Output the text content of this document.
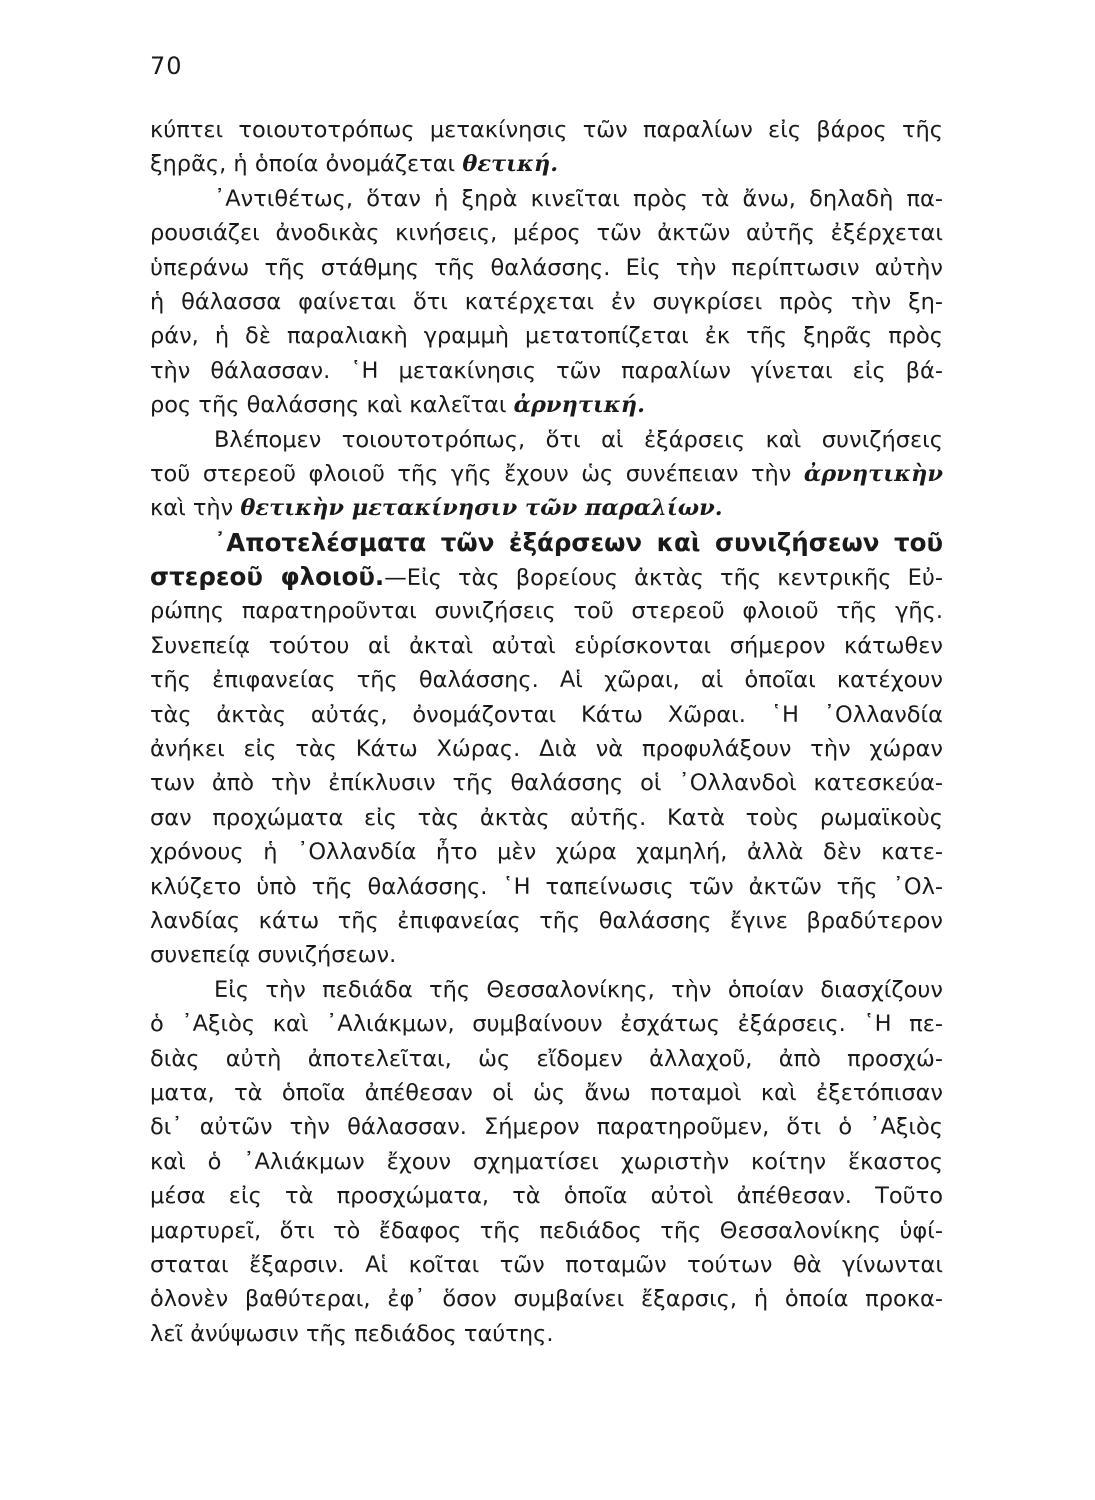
70
κύπτει τοιουτοτρόπως μετακίνησις τῶν παραλίων εἰς βάρος τῆς
ξηρᾶς, ἡ ὁποία ὀνομάζεται θετική.
᾿Αντιθέτως, ὅταν ἡ ξηρὰ κινεῖται πρὸς τὰ ἄνω, δηλαδὴ πα-
ρουσιάζει ἀνοδικὰς κινήσεις, μέρος τῶν ἀκτῶν αὐτῆς ἐξέρχεται
ὑπεράνω τῆς στάθμης τῆς θαλάσσης. Εἰς τὴν περίπτωσιν αὐτὴν
ἡ θάλασσα φαίνεται ὅτι κατέρχεται ἐν συγκρίσει πρὸς τὴν ξη-
ράν, ἡ δὲ παραλιακὴ γραμμὴ μετατοπίζεται ἐκ τῆς ξηρᾶς πρὸς
τὴν θάλασσαν. ῾Η μετακίνησις τῶν παραλίων γίνεται εἰς βά-
ρος τῆς θαλάσσης καὶ καλεῖται ἀρνητική.
Βλέπομεν τοιουτοτρόπως, ὅτι αἱ ἐξάρσεις καὶ συνιζήσεις
τοῦ στερεοῦ φλοιοῦ τῆς γῆς ἔχουν ὡς συνέπειαν τὴν ἀρνητικὴν
καὶ τὴν θετικὴν μετακίνησιν τῶν παραλίων.
᾿Αποτελέσματα τῶν ἐξάρσεων καὶ συνιζήσεων τοῦ
στερεοῦ φλοιοῦ.—Εἰς τὰς βορείους ἀκτὰς τῆς κεντρικῆς Εὐ-
ρώπης παρατηροῦνται συνιζήσεις τοῦ στερεοῦ φλοιοῦ τῆς γῆς.
Συνεπείᾳ τούτου αἱ ἀκταὶ αὐταὶ εὑρίσκονται σήμερον κάτωθεν
τῆς ἐπιφανείας τῆς θαλάσσης. Αἱ χῶραι, αἱ ὁποῖαι κατέχουν
τὰς ἀκτὰς αὐτάς, ὀνομάζονται Κάτω Χῶραι. ῾Η ᾿Ολλανδία
ἀνήκει εἰς τὰς Κάτω Χώρας. Διὰ νὰ προφυλάξουν τὴν χώραν
των ἀπὸ τὴν ἐπίκλυσιν τῆς θαλάσσης οἱ ᾿Ολλανδοὶ κατεσκεύα-
σαν προχώματα εἰς τὰς ἀκτὰς αὐτῆς. Κατὰ τοὺς ρωμαϊκοὺς
χρόνους ἡ ᾿Ολλανδία ἦτο μὲν χώρα χαμηλή, ἀλλὰ δὲν κατε-
κλύζετο ὑπὸ τῆς θαλάσσης. ῾Η ταπείνωσις τῶν ἀκτῶν τῆς ᾿Ολ-
λανδίας κάτω τῆς ἐπιφανείας τῆς θαλάσσης ἔγινε βραδύτερον
συνεπείᾳ συνιζήσεων.
Εἰς τὴν πεδιάδα τῆς Θεσσαλονίκης, τὴν ὁποίαν διασχίζουν
ὁ ᾿Αξιὸς καὶ ᾿Αλιάκμων, συμβαίνουν ἐσχάτως ἐξάρσεις. ῾Η πε-
διὰς αὐτὴ ἀποτελεῖται, ὡς εἴδομεν ἀλλαχοῦ, ἀπὸ προσχώ-
ματα, τὰ ὁποῖα ἀπέθεσαν οἱ ὡς ἄνω ποταμοὶ καὶ ἐξετόπισαν
δι᾿ αὐτῶν τὴν θάλασσαν. Σήμερον παρατηροῦμεν, ὅτι ὁ ᾿Αξιὸς
καὶ ὁ ᾿Αλιάκμων ἔχουν σχηματίσει χωριστὴν κοίτην ἕκαστος
μέσα εἰς τὰ προσχώματα, τὰ ὁποῖα αὐτοὶ ἀπέθεσαν. Τοῦτο
μαρτυρεῖ, ὅτι τὸ ἔδαφος τῆς πεδιάδος τῆς Θεσσαλονίκης ὑφί-
σταται ἔξαρσιν. Αἱ κοῖται τῶν ποταμῶν τούτων θὰ γίνωνται
ὁλονὲν βαθύτεραι, ἐφ᾿ ὅσον συμβαίνει ἔξαρσις, ἡ ὁποία προκα-
λεῖ ἀνύψωσιν τῆς πεδιάδος ταύτης.
